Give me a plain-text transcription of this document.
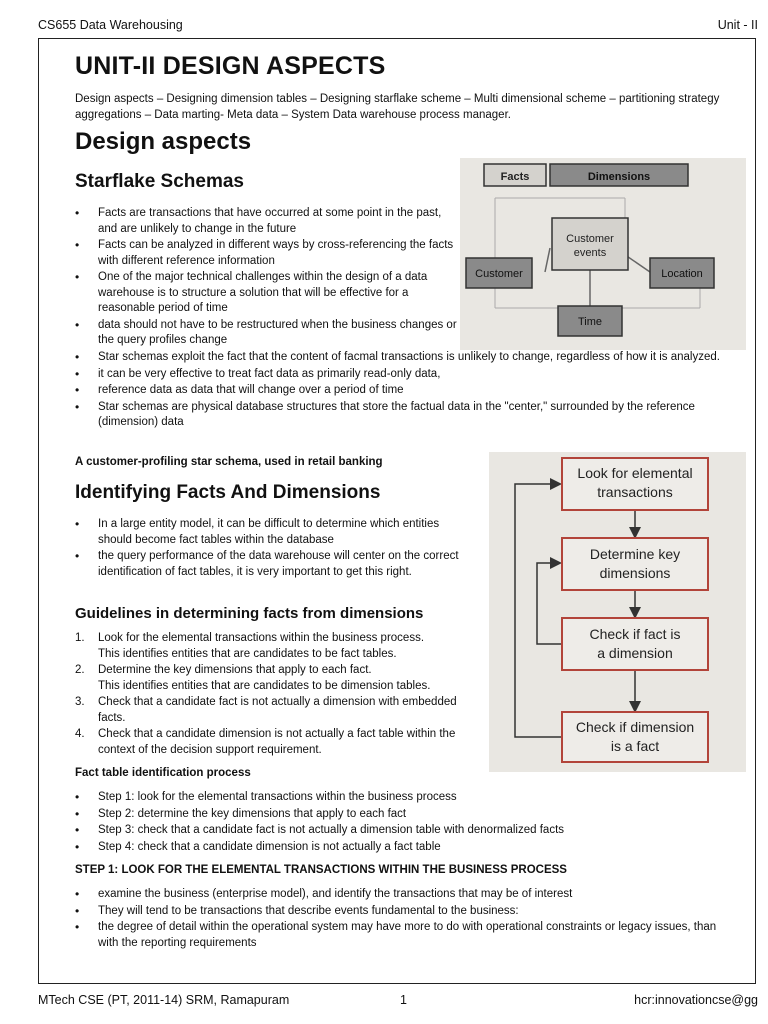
CS655 Data Warehousing	Unit - II
UNIT-II DESIGN ASPECTS
Design aspects – Designing dimension tables – Designing starflake scheme – Multi dimensional scheme – partitioning strategy aggregations – Data marting- Meta data – System Data warehouse process manager.
Design aspects
Starflake Schemas
• Facts are transactions that have occurred at some point in the past, and are unlikely to change in the future
• Facts can be analyzed in different ways by cross-referencing the facts with different reference information
• One of the major technical challenges within the design of a data warehouse is to structure a solution that will be effective for a reasonable period of time
• data should not have to be restructured when the business changes or the query profiles change
• Star schemas exploit the fact that the content of facmal transactions is unlikely to change, regardless of how it is analyzed.
• it can be very effective to treat fact data as primarily read-only data,
• reference data as data that will change over a period of time
• Star schemas are physical database structures that store the factual data in the "center," surrounded by the reference (dimension) data
Facts	Dimensions
Customer
events
Customer	Location
Time
A customer-profiling star schema, used in retail banking
Identifying Facts And Dimensions
• In a large entity model, it can be difficult to determine which entities should become fact tables within the database
• the query performance of the data warehouse will center on the correct identification of fact tables, it is very important to get this right.
Guidelines in determining facts from dimensions
1. Look for the elemental transactions within the business process.
This identifies entities that are candidates to be fact tables.
2. Determine the key dimensions that apply to each fact.
This identifies entities that are candidates to be dimension tables.
3. Check that a candidate fact is not actually a dimension with embedded facts.
4. Check that a candidate dimension is not actually a fact table within the context of the decision support requirement.
Look for elemental
transactions
Determine key
dimensions
Check if fact is
a dimension
Check if dimension
is a fact
Fact table identification process
• Step 1: look for the elemental transactions within the business process
• Step 2: determine the key dimensions that apply to each fact
• Step 3: check that a candidate fact is not actually a dimension table with denormalized facts
• Step 4: check that a candidate dimension is not actually a fact table
STEP 1: LOOK FOR THE ELEMENTAL TRANSACTIONS WITHIN THE BUSINESS PROCESS
• examine the business (enterprise model), and identify the transactions that may be of interest
• They will tend to be transactions that describe events fundamental to the business:
• the degree of detail within the operational system may have more to do with operational constraints or legacy issues, than with the reporting requirements
MTech CSE (PT, 2011-14) SRM, Ramapuram	1	hcr:innovationcse@gg
